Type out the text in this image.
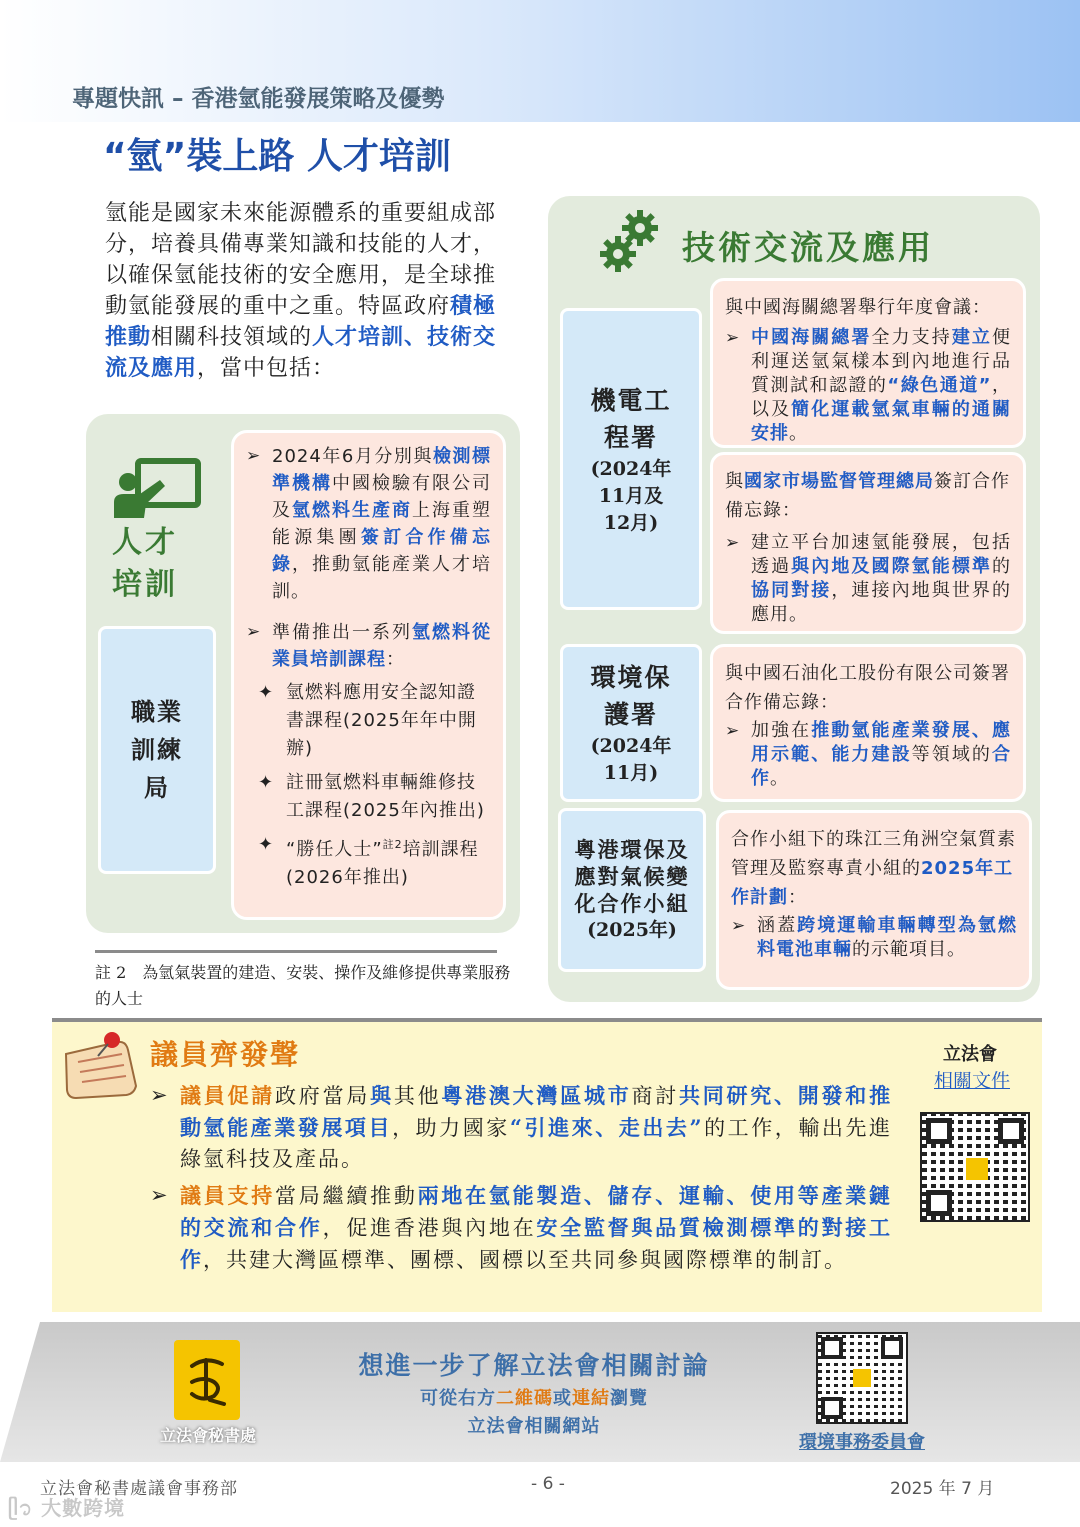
專題快訊 – 香港氫能發展策略及優勢
“氫”裝上路 人才培訓
氫能是國家未來能源體系的重要組成部分，培養具備專業知識和技能的人才，以確保氫能技術的安全應用，是全球推動氫能發展的重中之重。特區政府積極推動相關科技領域的人才培訓、技術交流及應用，當中包括：
人才培訓
職業訓練局
➢ 2024年6月分別與檢測標準機構中國檢驗有限公司及氫燃料生產商上海重塑能源集團簽訂合作備忘錄，推動氫能產業人才培訓。
➢ 準備推出一系列氫燃料從業員培訓課程：
✦ 氫燃料應用安全認知證書課程(2025年年中開辦)
✦ 註冊氫燃料車輛維修技工課程(2025年內推出)
✦ “勝任人士”$^{註2}$培訓課程(2026年推出)
註 2　 為氫氣裝置的建造、安裝、操作及維修提供專業服務的人士
技術交流及應用
機電工程署
(2024年11月及12月)
與中國海關總署舉行年度會議：
➢ 中國海關總署全力支持建立便利運送氫氣樣本到內地進行品質測試和認證的“綠色通道”，以及簡化運載氫氣車輛的通關安排。
與國家市場監督管理總局簽訂合作備忘錄：
➢ 建立平台加速氫能發展，包括透過與內地及國際氫能標準的協同對接，連接內地與世界的應用。
環境保護署
(2024年11月)
與中國石油化工股份有限公司簽署合作備忘錄：
➢ 加強在推動氫能產業發展、應用示範、能力建設等領域的合作。
粵港環保及應對氣候變化合作小組
(2025年)
合作小組下的珠江三角洲空氣質素管理及監察專責小組的2025年工作計劃：
➢ 涵蓋跨境運輸車輛轉型為氫燃料電池車輛的示範項目。
議員齊發聲
➢ 議員促請政府當局與其他粵港澳大灣區城市商討共同研究、開發和推動氫能產業發展項目，助力國家“引進來、走出去”的工作，輸出先進綠氫科技及產品。
➢ 議員支持當局繼續推動兩地在氫能製造、儲存、運輸、使用等產業鏈的交流和合作，促進香港與內地在安全監督與品質檢測標準的對接工作，共建大灣區標準、團標、國標以至共同參與國際標準的制訂。
立法會
相關文件
立法會秘書處
想進一步了解立法會相關討論
可從右方二維碼或連結瀏覽
立法會相關網站
環境事務委員會
立法會秘書處議會事務部	- 6 -	2025 年 7 月
ᥫ᭡ 大數跨境
